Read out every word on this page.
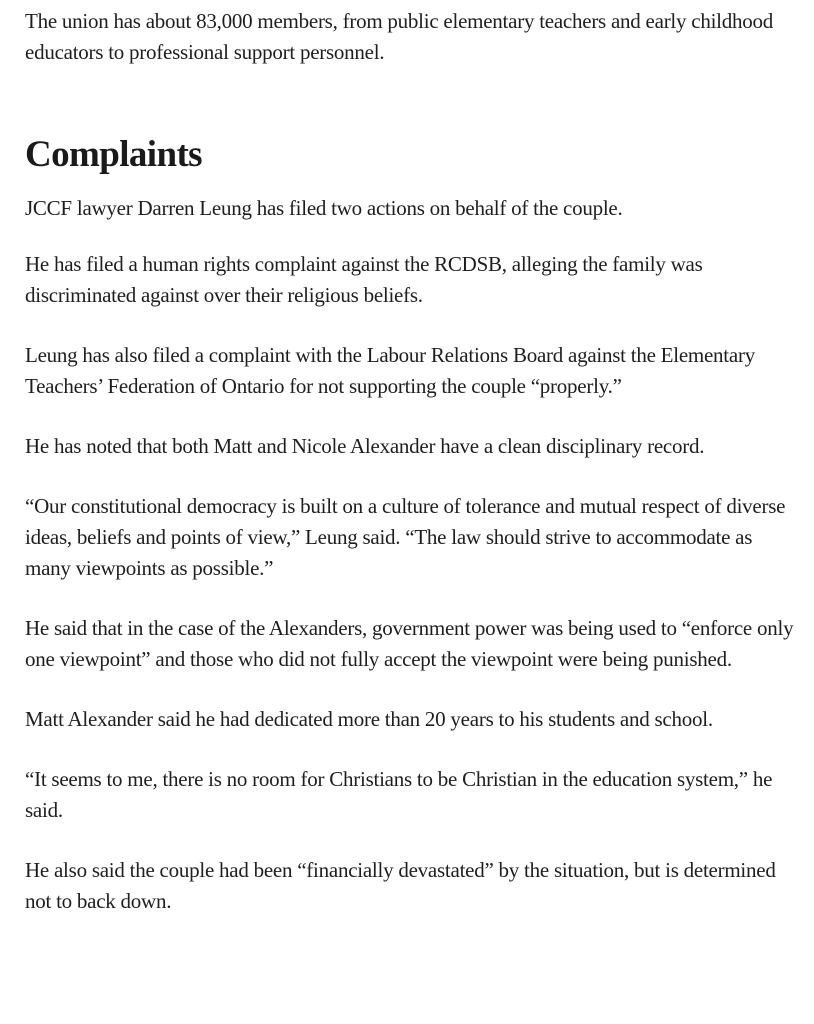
The union has about 83,000 members, from public elementary teachers and early childhood educators to professional support personnel.

Complaints

JCCF lawyer Darren Leung has filed two actions on behalf of the couple.

He has filed a human rights complaint against the RCDSB, alleging the family was discriminated against over their religious beliefs.

Leung has also filed a complaint with the Labour Relations Board against the Elementary Teachers’ Federation of Ontario for not supporting the couple “properly.”

He has noted that both Matt and Nicole Alexander have a clean disciplinary record.

“Our constitutional democracy is built on a culture of tolerance and mutual respect of diverse ideas, beliefs and points of view,” Leung said. “The law should strive to accommodate as many viewpoints as possible.”

He said that in the case of the Alexanders, government power was being used to “enforce only one viewpoint” and those who did not fully accept the viewpoint were being punished.

Matt Alexander said he had dedicated more than 20 years to his students and school.

“It seems to me, there is no room for Christians to be Christian in the education system,” he said.

He also said the couple had been “financially devastated” by the situation, but is determined not to back down.
